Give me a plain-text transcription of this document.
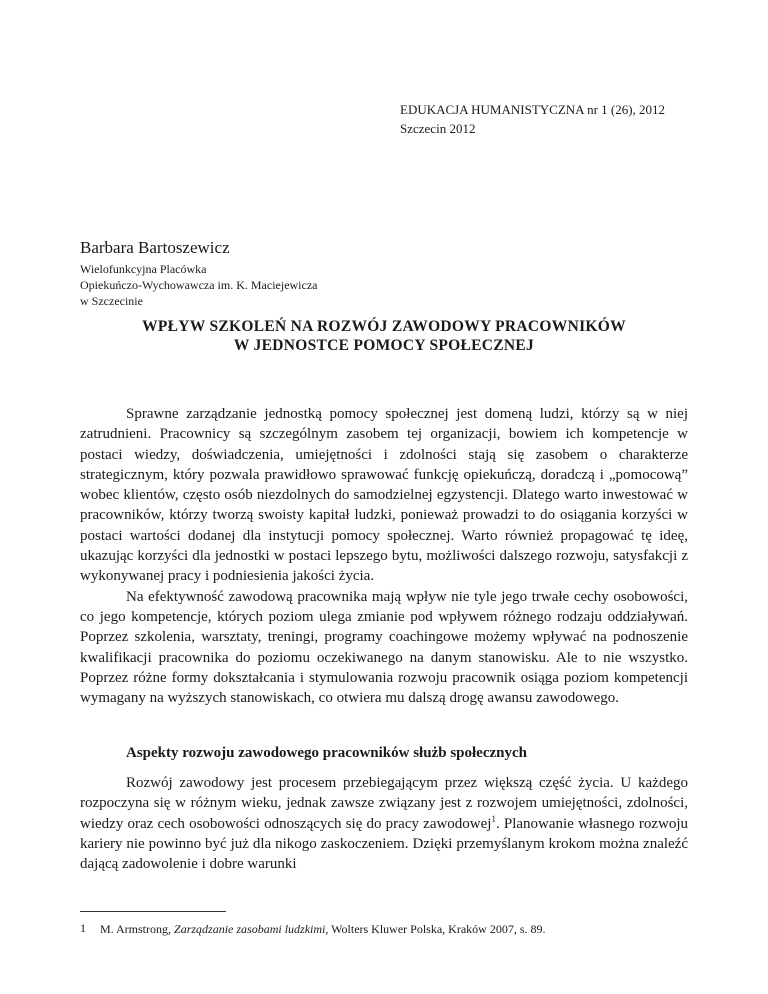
EDUKACJA HUMANISTYCZNA nr 1 (26), 2012
Szczecin 2012
Barbara Bartoszewicz
Wielofunkcyjna Placówka
Opiekuńczo-Wychowawcza im. K. Maciejewicza
w Szczecinie
WPŁYW SZKOLEŃ NA ROZWÓJ ZAWODOWY PRACOWNIKÓW
W JEDNOSTCE POMOCY SPOŁECZNEJ

Sprawne zarządzanie jednostką pomocy społecznej jest domeną ludzi, którzy są w niej zatrudnieni. Pracownicy są szczególnym zasobem tej organizacji, bowiem ich kompetencje w postaci wiedzy, doświadczenia, umiejętności i zdolności stają się zasobem o charakterze strategicznym, który pozwala prawidłowo sprawować funkcję opiekuńczą, doradczą i „pomocową” wobec klientów, często osób niezdolnych do samodzielnej egzystencji. Dlatego warto inwestować w pracowników, którzy tworzą swoisty kapitał ludzki, ponieważ prowadzi to do osiągania korzyści w postaci wartości dodanej dla instytucji pomocy społecznej. Warto również propagować tę ideę, ukazując korzyści dla jednostki w postaci lepszego bytu, możliwości dalszego rozwoju, satysfakcji z wykonywanej pracy i podniesienia jakości życia.

Na efektywność zawodową pracownika mają wpływ nie tyle jego trwałe cechy osobowości, co jego kompetencje, których poziom ulega zmianie pod wpływem różnego rodzaju oddziaływań. Poprzez szkolenia, warsztaty, treningi, programy coachingowe możemy wpływać na podnoszenie kwalifikacji pracownika do poziomu oczekiwanego na danym stanowisku. Ale to nie wszystko. Poprzez różne formy dokształcania i stymulowania rozwoju pracownik osiąga poziom kompetencji wymagany na wyższych stanowiskach, co otwiera mu dalszą drogę awansu zawodowego.

Aspekty rozwoju zawodowego pracowników służb społecznych

Rozwój zawodowy jest procesem przebiegającym przez większą część życia. U każdego rozpoczyna się w różnym wieku, jednak zawsze związany jest z rozwojem umiejętności, zdolności, wiedzy oraz cech osobowości odnoszących się do pracy zawodowej$^1$. Planowanie własnego rozwoju kariery nie powinno być już dla nikogo zaskoczeniem. Dzięki przemyślanym krokom można znaleźć dającą zadowolenie i dobre warunki

1 M. Armstrong, Zarządzanie zasobami ludzkimi, Wolters Kluwer Polska, Kraków 2007, s. 89.
